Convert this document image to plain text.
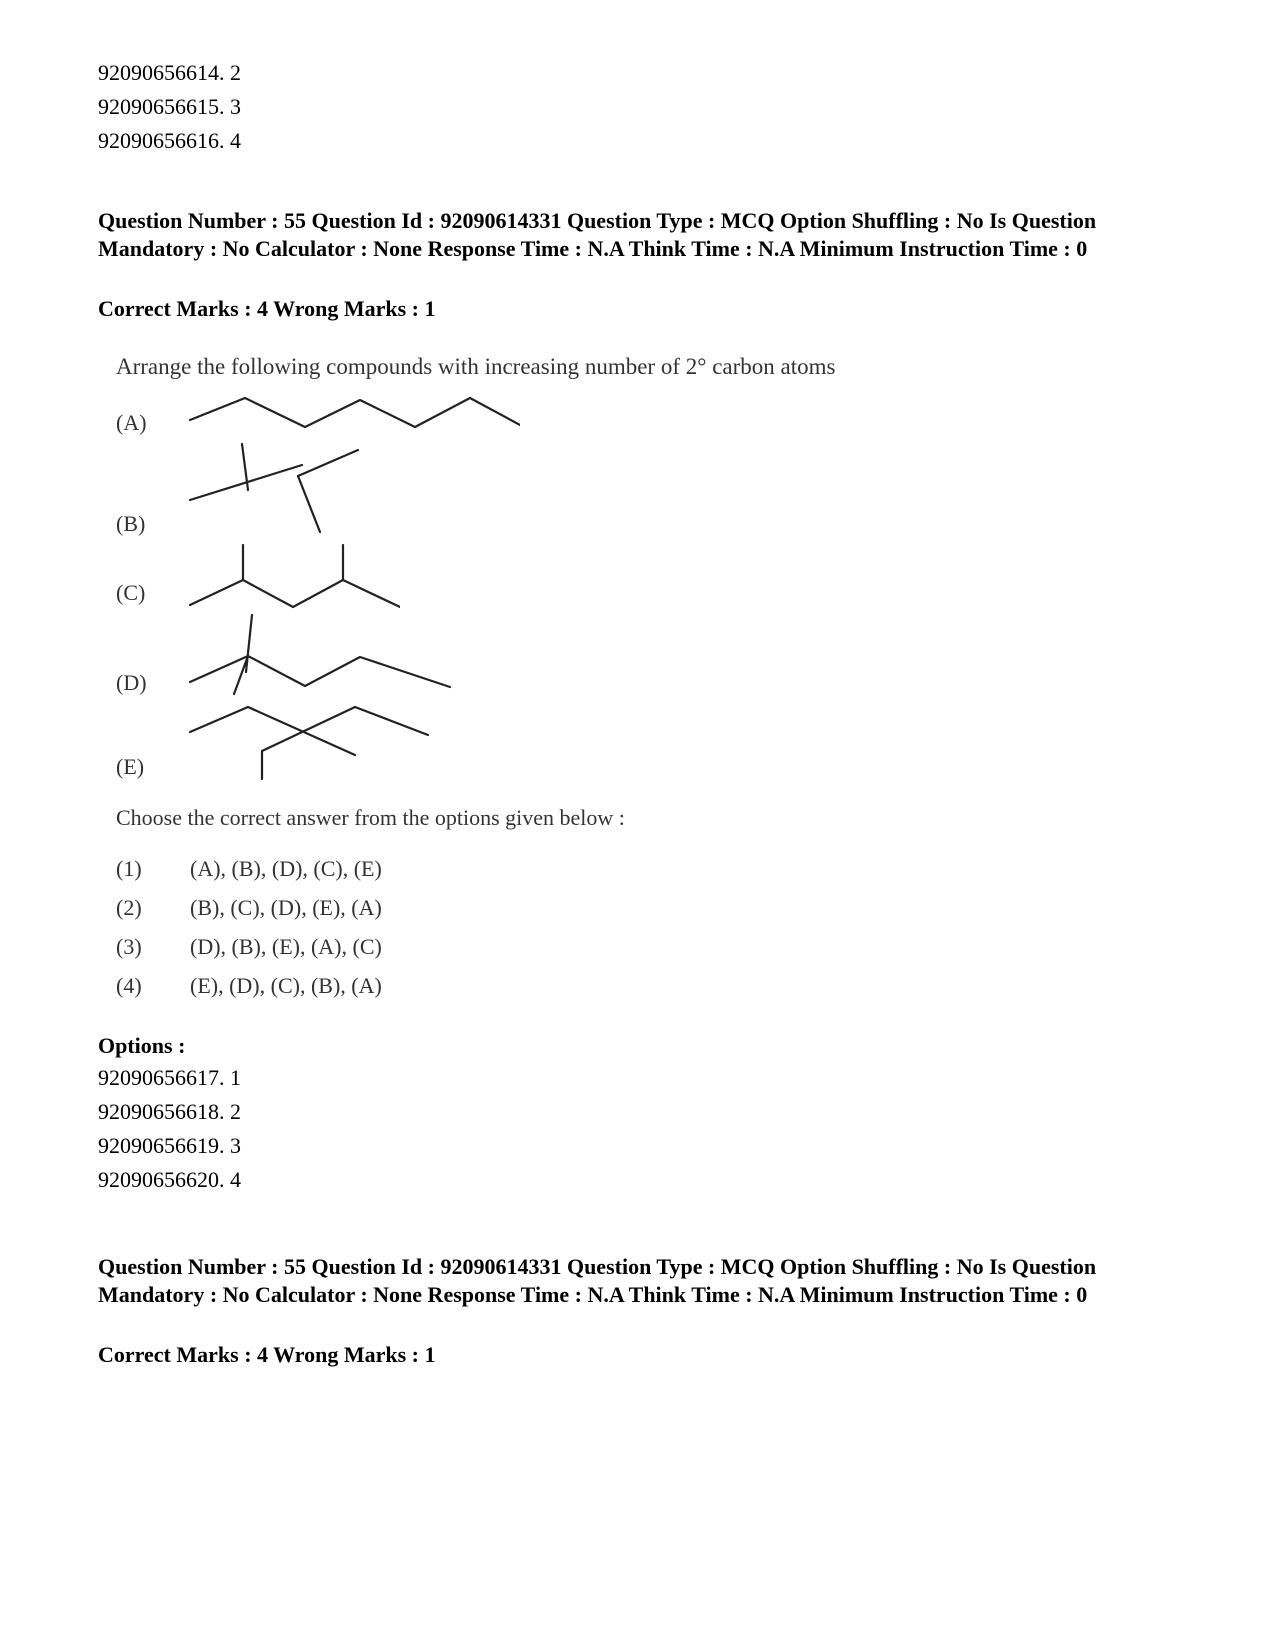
92090656614. 2
92090656615. 3
92090656616. 4
Question Number : 55 Question Id : 92090614331 Question Type : MCQ Option Shuffling : No Is Question Mandatory : No Calculator : None Response Time : N.A Think Time : N.A Minimum Instruction Time : 0
Correct Marks : 4 Wrong Marks : 1
Arrange the following compounds with increasing number of 2° carbon atoms
(A)
(B)
(C)
(D)
(E)
Choose the correct answer from the options given below :
(1) (A), (B), (D), (C), (E)
(2) (B), (C), (D), (E), (A)
(3) (D), (B), (E), (A), (C)
(4) (E), (D), (C), (B), (A)
Options :
92090656617. 1
92090656618. 2
92090656619. 3
92090656620. 4
Question Number : 55 Question Id : 92090614331 Question Type : MCQ Option Shuffling : No Is Question Mandatory : No Calculator : None Response Time : N.A Think Time : N.A Minimum Instruction Time : 0
Correct Marks : 4 Wrong Marks : 1
